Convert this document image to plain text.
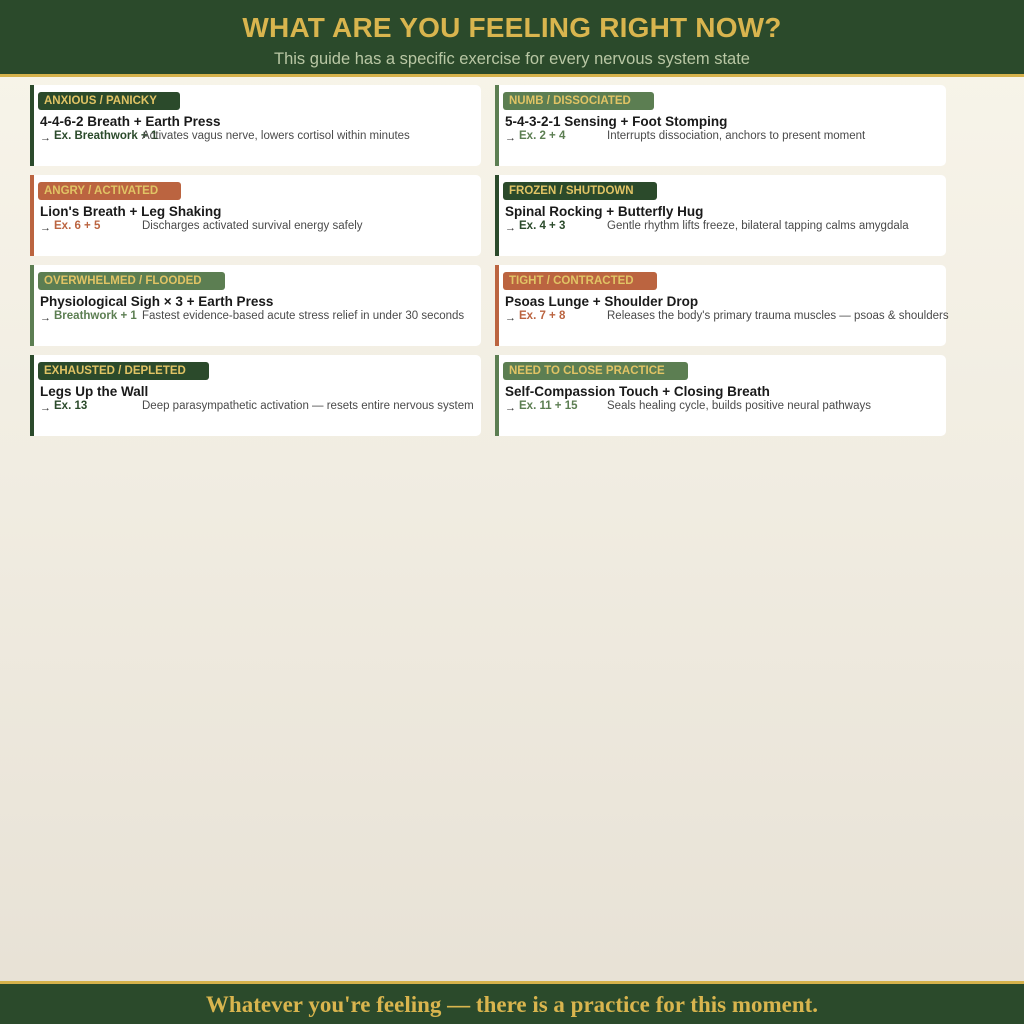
WHAT ARE YOU FEELING RIGHT NOW?
This guide has a specific exercise for every nervous system state
ANXIOUS / PANICKY
4-4-6-2 Breath + Earth Press
→ Ex. Breathwork + 1
Activates vagus nerve, lowers cortisol within minutes
NUMB / DISSOCIATED
5-4-3-2-1 Sensing + Foot Stomping
→ Ex. 2 + 4	Interrupts dissociation, anchors to present moment
ANGRY / ACTIVATED
Lion's Breath + Leg Shaking
→ Ex. 6 + 5	Discharges activated survival energy safely
FROZEN / SHUTDOWN
Spinal Rocking + Butterfly Hug
→ Ex. 4 + 3	Gentle rhythm lifts freeze, bilateral tapping calms amygdala
OVERWHELMED / FLOODED
Physiological Sigh × 3 + Earth Press
→ Breathwork + 1 Fastest evidence-based acute stress relief in under 30 seconds
TIGHT / CONTRACTED
Psoas Lunge + Shoulder Drop
→ Ex. 7 + 8	Releases the body's primary trauma muscles — psoas & shoulders
EXHAUSTED / DEPLETED
Legs Up the Wall
→ Ex. 13	Deep parasympathetic activation — resets entire nervous system
NEED TO CLOSE PRACTICE
Self-Compassion Touch + Closing Breath
→ Ex. 11 + 15	Seals healing cycle, builds positive neural pathways
Whatever you're feeling — there is a practice for this moment.
